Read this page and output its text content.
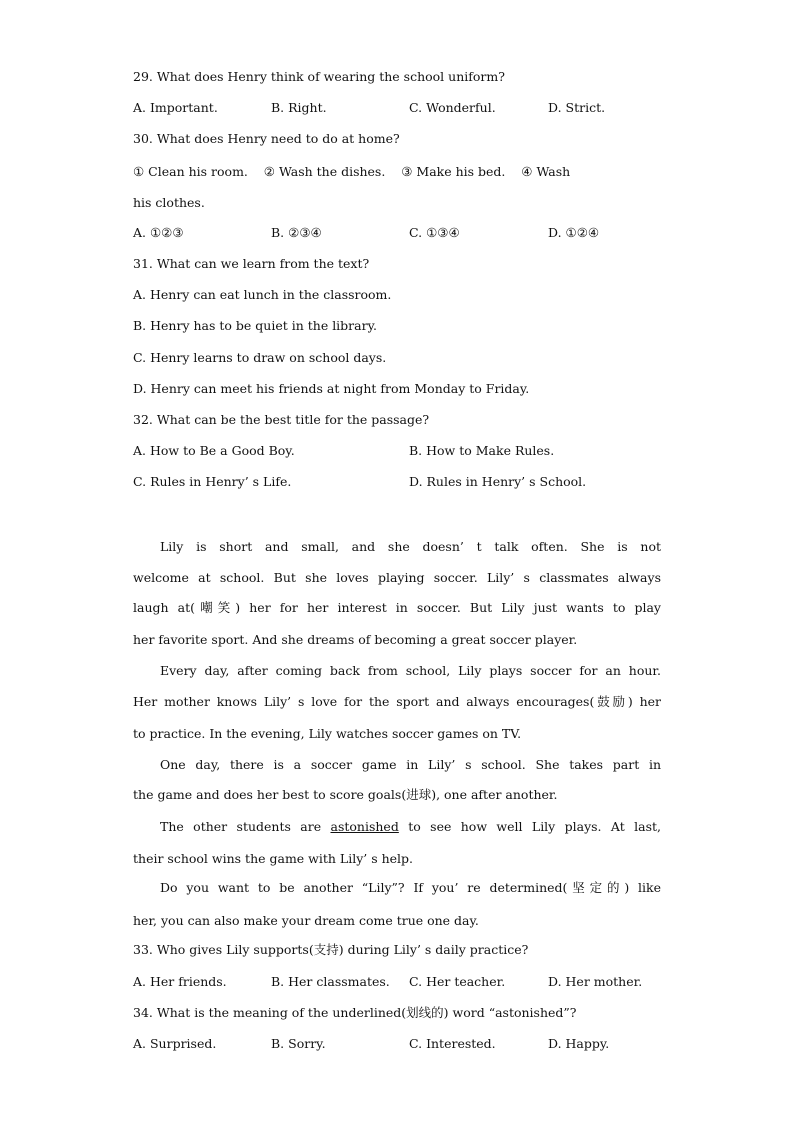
29. What does Henry think of wearing the school uniform?
A. Important.	B. Right.	C. Wonderful.	D. Strict.
30. What does Henry need to do at home?
① Clean his room.    ② Wash the dishes.    ③ Make his bed.    ④ Wash
his clothes.
A. ①②③	B. ②③④	C. ①③④	D. ①②④
31. What can we learn from the text?
A. Henry can eat lunch in the classroom.
B. Henry has to be quiet in the library.
C. Henry learns to draw on school days.
D. Henry can meet his friends at night from Monday to Friday.
32. What can be the best title for the passage?
A. How to Be a Good Boy.	B. How to Make Rules.
C. Rules in Henry’ s Life.	D. Rules in Henry’ s School.
Lily is short and small, and she doesn’ t talk often. She is not
welcome at school. But she loves playing soccer. Lily’ s classmates always
laugh at(嘲笑) her for her interest in soccer. But Lily just wants to play
her favorite sport. And she dreams of becoming a great soccer player.
Every day, after coming back from school, Lily plays soccer for an hour.
Her mother knows Lily’ s love for the sport and always encourages(鼓励) her
to practice. In the evening, Lily watches soccer games on TV.
One day, there is a soccer game in Lily’ s school. She takes part in
the game and does her best to score goals(进球), one after another.
The other students are astonished to see how well Lily plays. At last,
their school wins the game with Lily’ s help.
Do you want to be another “Lily”? If you’ re determined(坚定的) like
her, you can also make your dream come true one day.
33. Who gives Lily supports(支持) during Lily’ s daily practice?
A. Her friends.	B. Her classmates. C. Her teacher.	D. Her mother.
34. What is the meaning of the underlined(划线的) word “astonished”?
A. Surprised.	B. Sorry.	C. Interested.	D. Happy.
